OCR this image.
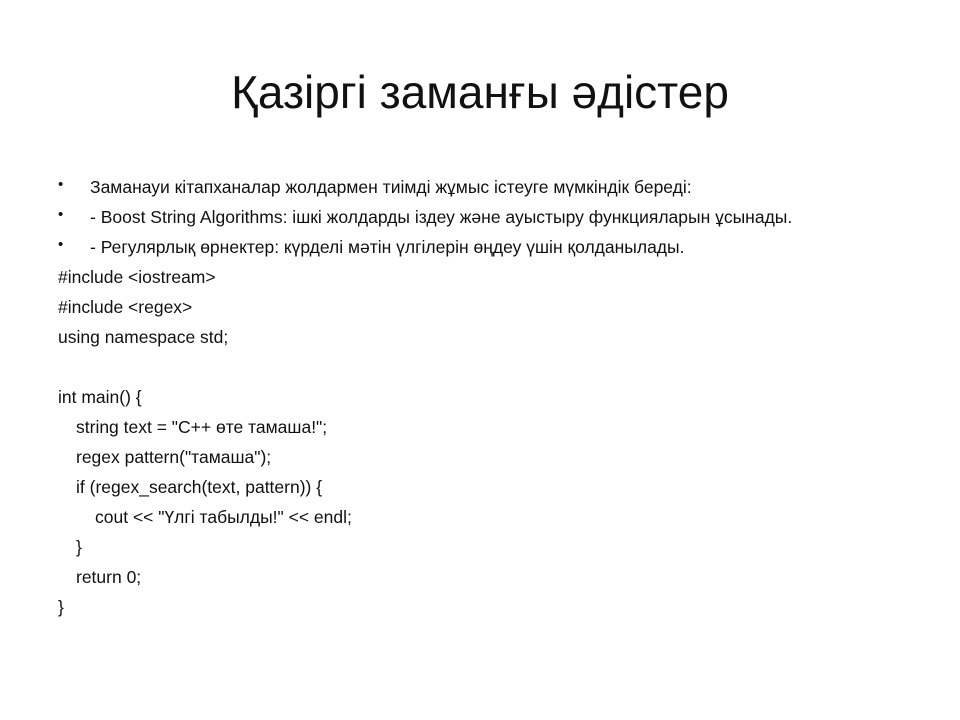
Қазіргі заманғы әдістер
• Заманауи кітапханалар жолдармен тиімді жұмыс істеуге мүмкіндік береді:
• - Boost String Algorithms: ішкі жолдарды іздеу және ауыстыру функцияларын ұсынады.
• - Регулярлық өрнектер: күрделі мәтін үлгілерін өңдеу үшін қолданылады.
#include <iostream>
#include <regex>
using namespace std;
int main() {
string text = "C++ өте тамаша!";
regex pattern("тамаша");
if (regex_search(text, pattern)) {
cout << "Үлгі табылды!" << endl;
}
return 0;
}
